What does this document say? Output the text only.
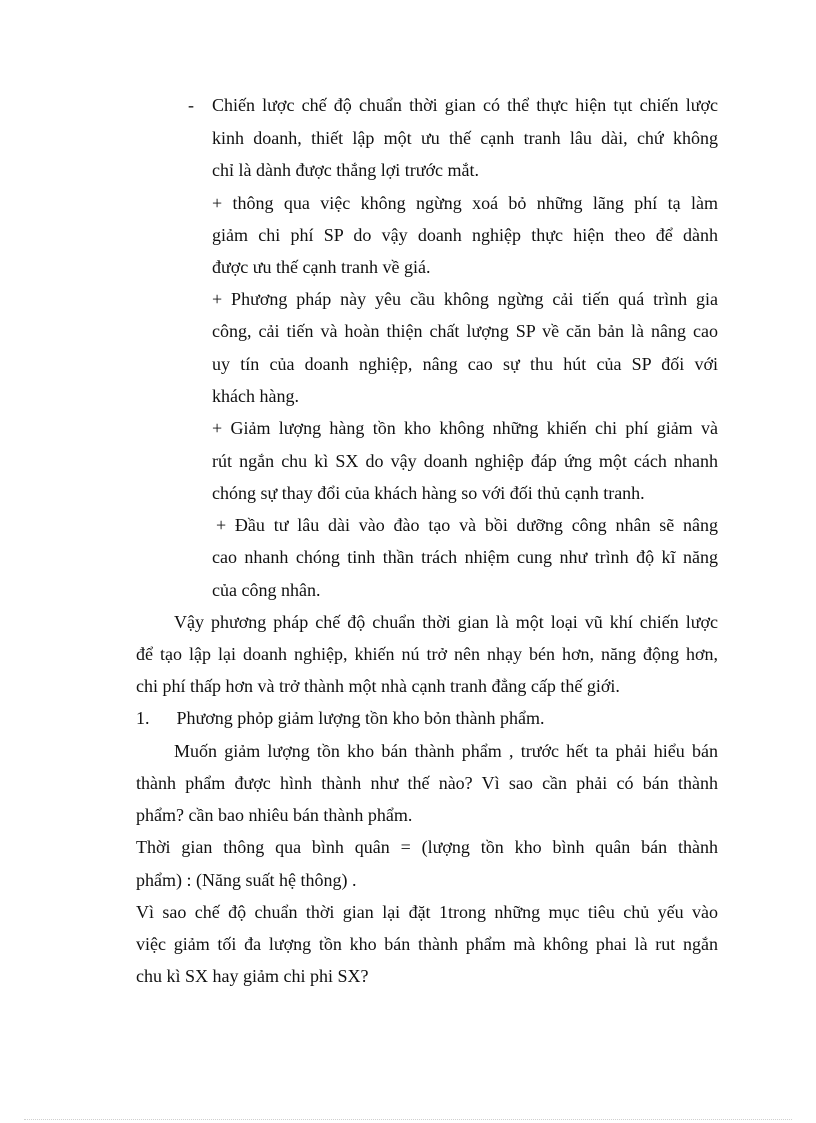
- Chiến lược chế độ chuẩn thời gian có thể thực hiện tụt chiến lược
kinh doanh, thiết lập một ưu thế cạnh tranh lâu dài, chứ không
chỉ là dành được thắng lợi trước mắt.
+ thông qua việc không ngừng xoá bỏ những lãng phí tạ làm
giảm chi phí SP do vậy doanh nghiệp thực hiện theo để dành
được ưu thế cạnh tranh về giá.
+ Phương pháp này yêu cầu không ngừng cải tiến quá trình gia
công, cải tiến và hoàn thiện chất lượng SP về căn bản là nâng cao
uy tín của doanh nghiệp, nâng cao sự thu hút của SP đối với
khách hàng.
+ Giảm lượng hàng tồn kho không những khiến chi phí giảm và
rút ngắn chu kì SX do vậy doanh nghiệp đáp ứng một cách nhanh
chóng sự thay đổi của khách hàng so với đối thủ cạnh tranh.
+ Đầu tư lâu dài vào đào tạo và bồi dưỡng công nhân sẽ nâng
cao nhanh chóng tinh thần trách nhiệm cung như trình độ kĩ năng
của công nhân.
Vậy phương pháp chế độ chuẩn thời gian là một loại vũ khí chiến lược
để tạo lập lại doanh nghiệp, khiến nú trở nên nhạy bén hơn, năng động hơn,
chi phí thấp hơn và trở thành một nhà cạnh tranh đẳng cấp thế giới.
1.      Phương phỏp giảm lượng tồn kho bỏn thành phẩm.
Muốn giảm lượng tồn kho bán thành phẩm , trước hết ta phải hiểu bán
thành phẩm được hình thành như thế nào? Vì sao cần phải có bán thành
phẩm? cần bao nhiêu bán thành phẩm.
Thời gian thông qua bình quân = (lượng tồn kho bình quân bán thành
phẩm) : (Năng suất hệ thông) .
Vì sao chế độ chuẩn thời gian lại đặt 1trong những mục tiêu chủ yếu vào
việc giảm tối đa lượng tồn kho bán thành phẩm mà không phai là rut ngắn
chu kì SX hay giảm chi phi SX?
